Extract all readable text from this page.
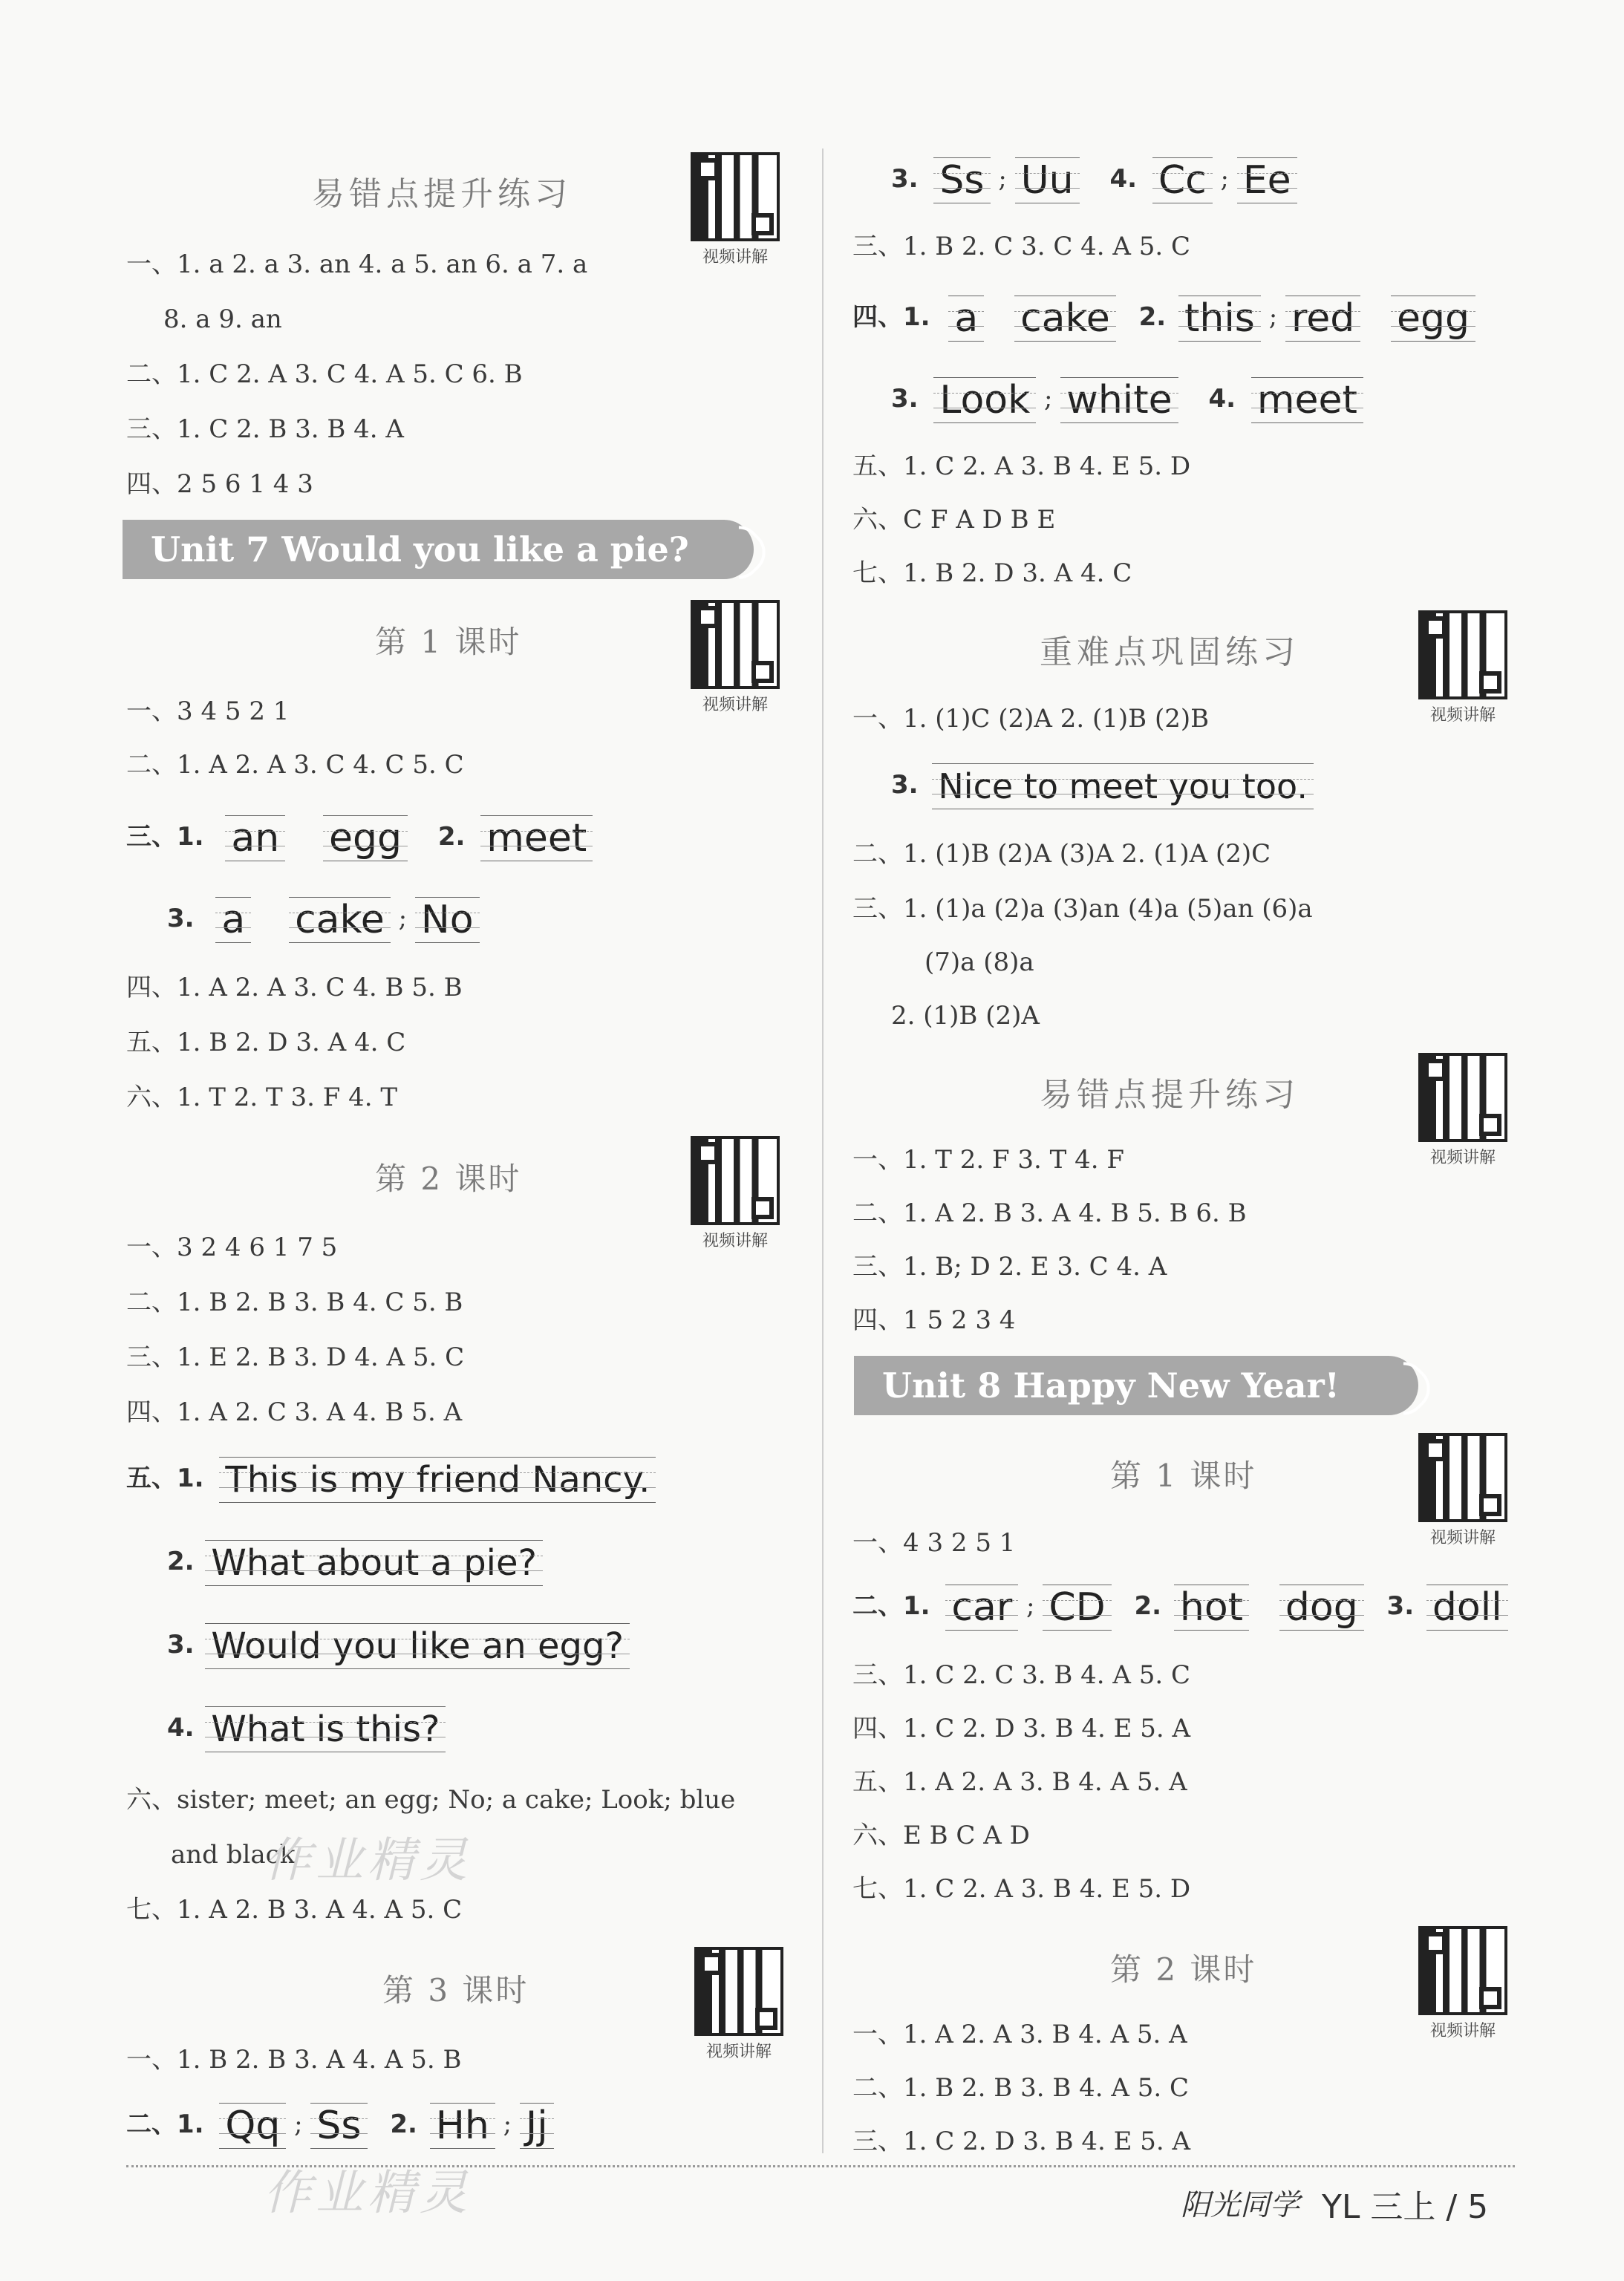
易错点提升练习
视频讲解
一、1. a 2. a 3. an 4. a 5. an 6. a 7. a
8. a 9. an
二、1. C 2. A 3. C 4. A 5. C 6. B
三、1. C 2. B 3. B 4. A
四、2 5 6 1 4 3
Unit 7 Would you like a pie?
第 1 课时
视频讲解
一、3 4 5 2 1
二、1. A 2. A 3. C 4. C 5. C
三、1. an egg 2. meet
3. a cake ; No
四、1. A 2. A 3. C 4. B 5. B
五、1. B 2. D 3. A 4. C
六、1. T 2. T 3. F 4. T
第 2 课时
视频讲解
一、3 2 4 6 1 7 5
二、1. B 2. B 3. B 4. C 5. B
三、1. E 2. B 3. D 4. A 5. C
四、1. A 2. C 3. A 4. B 5. A
五、1. This is my friend Nancy.
2. What about a pie?
3. Would you like an egg?
4. What is this?
六、sister; meet; an egg; No; a cake; Look; blue
and black
七、1. A 2. B 3. A 4. A 5. C
第 3 课时
视频讲解
一、1. B 2. B 3. A 4. A 5. B
二、1. Qq ; Ss 2. Hh ; Jj
3. Ss ; Uu 4. Cc ; Ee
三、1. B 2. C 3. C 4. A 5. C
四、1. a cake 2. this ; red egg
3. Look ; white 4. meet
五、1. C 2. A 3. B 4. E 5. D
六、C F A D B E
七、1. B 2. D 3. A 4. C
重难点巩固练习
视频讲解
一、1. (1)C (2)A 2. (1)B (2)B
3. Nice to meet you too.
二、1. (1)B (2)A (3)A 2. (1)A (2)C
三、1. (1)a (2)a (3)an (4)a (5)an (6)a
(7)a (8)a
2. (1)B (2)A
易错点提升练习
视频讲解
一、1. T 2. F 3. T 4. F
二、1. A 2. B 3. A 4. B 5. B 6. B
三、1. B; D 2. E 3. C 4. A
四、1 5 2 3 4
Unit 8 Happy New Year!
第 1 课时
视频讲解
一、4 3 2 5 1
二、1. car ; CD 2. hot dog 3. doll
三、1. C 2. C 3. B 4. A 5. C
四、1. C 2. D 3. B 4. E 5. A
五、1. A 2. A 3. B 4. A 5. A
六、E B C A D
七、1. C 2. A 3. B 4. E 5. D
第 2 课时
视频讲解
一、1. A 2. A 3. B 4. A 5. A
二、1. B 2. B 3. B 4. A 5. C
三、1. C 2. D 3. B 4. E 5. A
作业精灵
作业精灵	阳光同学 YL 三上 / 5
